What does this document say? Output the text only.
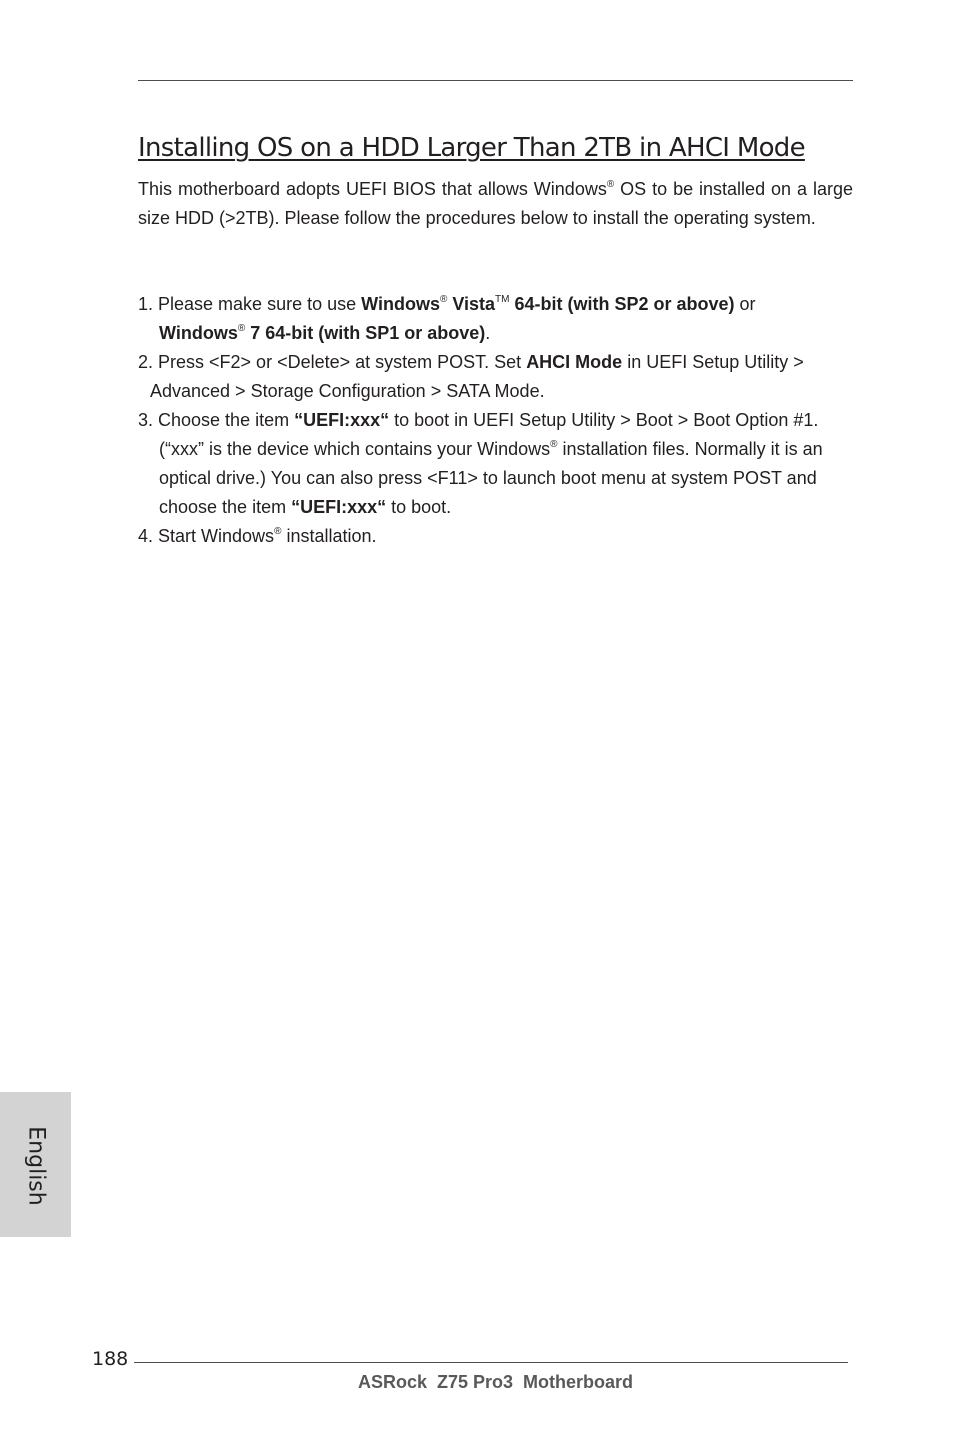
Installing OS on a HDD Larger Than 2TB in AHCI Mode

This motherboard adopts UEFI BIOS that allows Windows® OS to be installed on a large size HDD (>2TB). Please follow the procedures below to install the operating system.

1. Please make sure to use Windows® Vista™ 64-bit (with SP2 or above) or
Windows® 7 64-bit (with SP1 or above).
2. Press <F2> or <Delete> at system POST. Set AHCI Mode in UEFI Setup Utility >
Advanced > Storage Configuration > SATA Mode.
3. Choose the item “UEFI:xxx“ to boot in UEFI Setup Utility > Boot > Boot Option #1. (“xxx” is the device which contains your Windows® installation files. Normally it is an optical drive.) You can also press <F11> to launch boot menu at system POST and choose the item “UEFI:xxx“ to boot.
4. Start Windows® installation.
English
188
ASRock  Z75 Pro3  Motherboard
